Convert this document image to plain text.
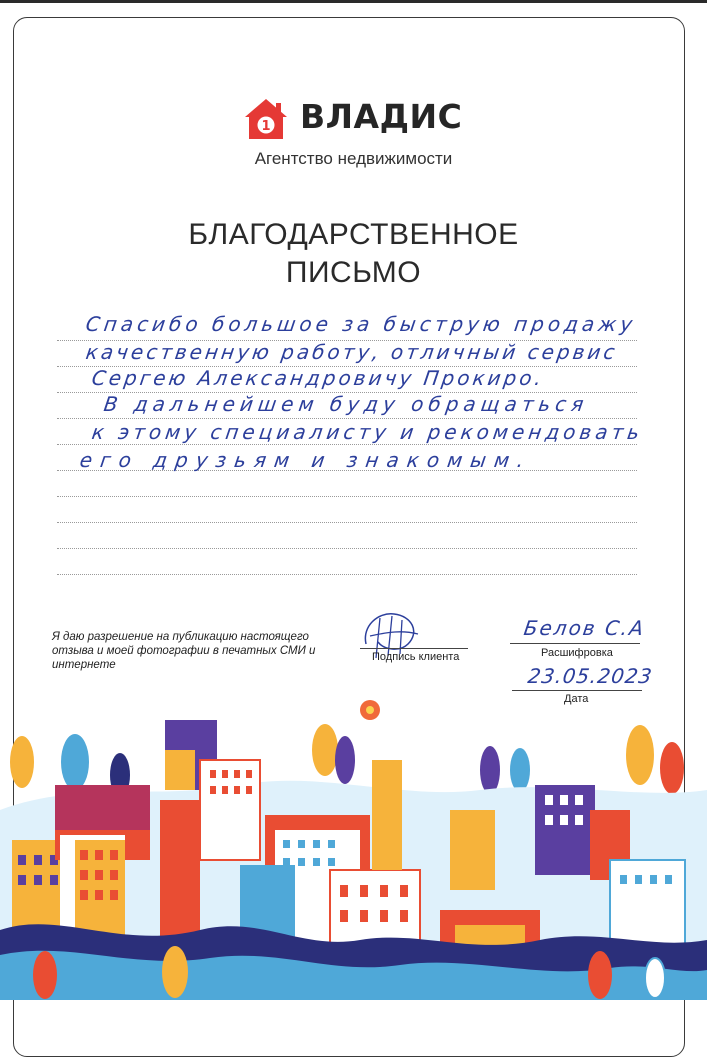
1 ВЛАДИС
Агентство недвижимости
БЛАГОДАРСТВЕННОЕ
ПИСЬМО
Спасибо большое за быструю продажу
качественную работу, отличный сервис
Сергею Александровичу Прокиро.
В дальнейшем буду обращаться
к этому специалисту и рекомендовать
его друзьям и знакомым.
Я даю разрешение на публикацию настоящего отзыва и моей фотографии в печатных СМИ и интернете
Подпись клиента
Белов С.А
Расшифровка
23.05.2023
Дата
